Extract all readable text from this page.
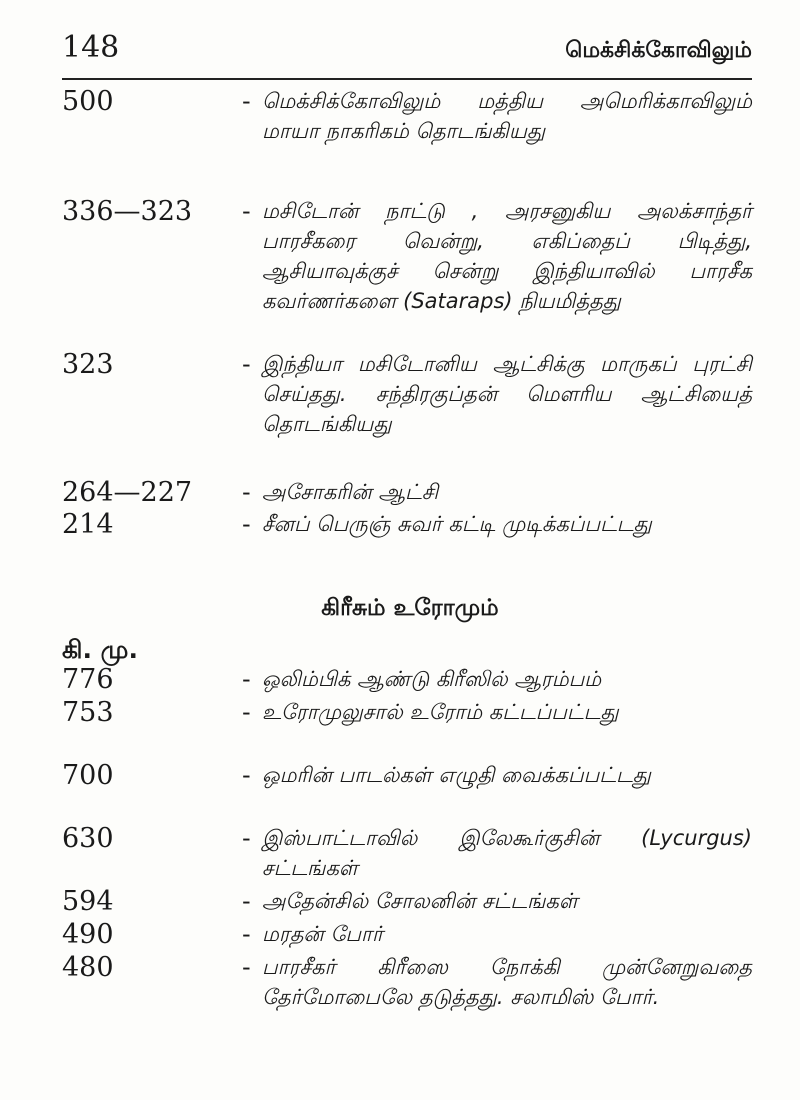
148	மெக்சிக்கோவிலும்
500	- மெக்சிக்கோவிலும் மத்திய அமெரிக்காவிலும் மாயா நாகரிகம் தொடங்கியது
336—323	- மசிடோன் நாட்டு , அரசனுகிய அலக்சாந்தர் பாரசீகரை வென்று, எகிப்தைப் பிடித்து, ஆசியாவுக்குச் சென்று இந்தியாவில் பாரசீக கவர்ணர்களை (Sataraps) நியமித்தது
323	- இந்தியா மசிடோனிய ஆட்சிக்கு மாருகப் புரட்சி செய்தது. சந்திரகுப்தன் மௌரிய ஆட்சியைத் தொடங்கியது
264—227	- அசோகரின் ஆட்சி
214	- சீனப் பெருஞ் சுவர் கட்டி முடிக்கப்பட்டது
கிரீசும் உரோமும்
கி. மு.
776	- ஒலிம்பிக் ஆண்டு கிரீஸில் ஆரம்பம்
753	- உரோமுலுசால் உரோம் கட்டப்பட்டது
700	- ஒமரின் பாடல்கள் எழுதி வைக்கப்பட்டது
630	- இஸ்பாட்டாவில் இலேகூர்குசின் (Lycurgus) சட்டங்கள்
594	- அதேன்சில் சோலனின் சட்டங்கள்
490	- மரதன் போர்
480	- பாரசீகர் கிரீஸை நோக்கி முன்னேறுவதை தேர்மோபைலே தடுத்தது. சலாமிஸ் போர்.
